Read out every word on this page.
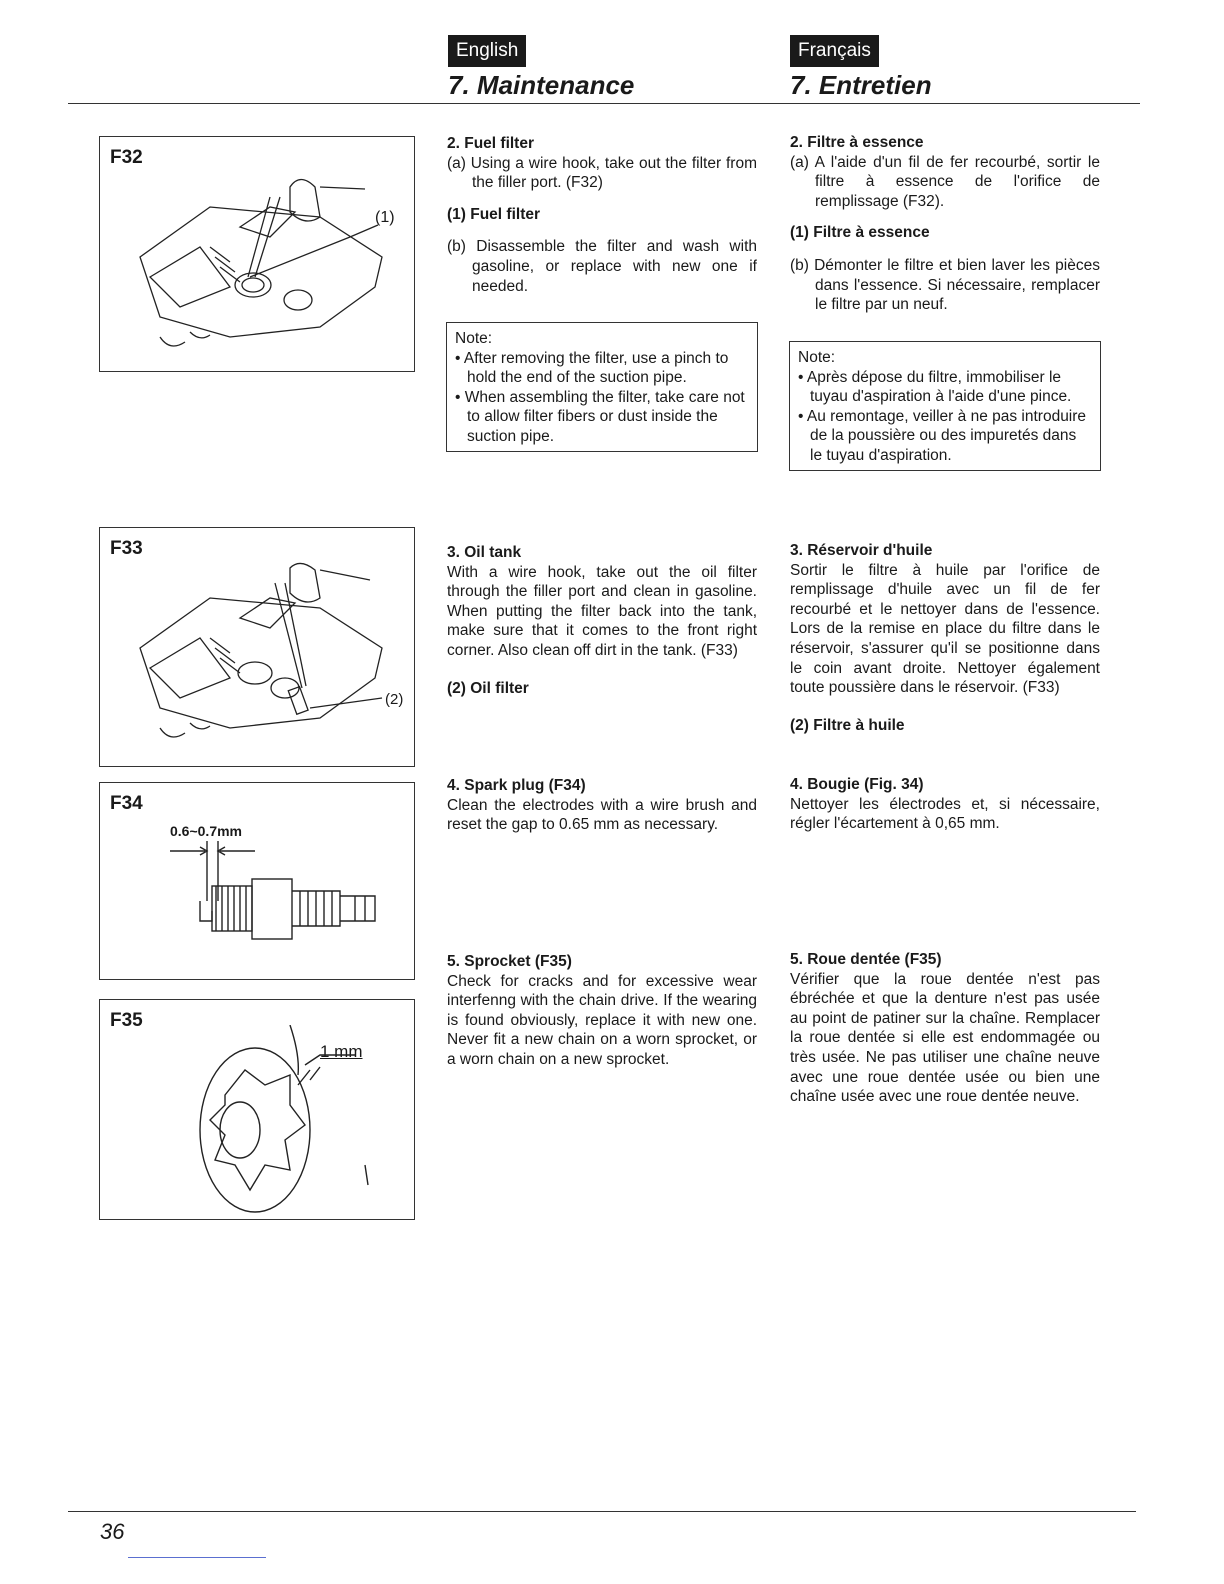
English	Français
7. Maintenance	7. Entretien
F32
(1)
F33
(2)
F34
0.6~0.7mm
F35
1 mm

2. Fuel filter

(a) Using a wire hook, take out the filter from the filler port. (F32)

(1) Fuel filter

(b) Disassemble the filter and wash with gasoline, or replace with new one if needed.

Note:

• After removing the filter, use a pinch to hold the end of the suction pipe.

• When assembling the filter, take care not to allow filter fibers or dust inside the suction pipe.

3. Oil tank

With a wire hook, take out the oil filter through the filler port and clean in gasoline. When putting the filter back into the tank, make sure that it comes to the front right corner. Also clean off dirt in the tank. (F33)

(2) Oil filter

4. Spark plug (F34)

Clean the electrodes with a wire brush and reset the gap to 0.65 mm as necessary.

5. Sprocket (F35)

Check for cracks and for excessive wear interfenng with the chain drive. If the wearing is found obviously, replace it with new one. Never fit a new chain on a worn sprocket, or a worn chain on a new sprocket.

2. Filtre à essence

(a) A l'aide d'un fil de fer recourbé, sortir le filtre à essence de l'orifice de remplissage (F32).

(1) Filtre à essence

(b) Démonter le filtre et bien laver les pièces dans l'essence. Si nécessaire, remplacer le filtre par un neuf.

Note:

• Après dépose du filtre, immobiliser le tuyau d'aspiration à l'aide d'une pince.

• Au remontage, veiller à ne pas introduire de la poussière ou des impuretés dans le tuyau d'aspiration.

3. Réservoir d'huile

Sortir le filtre à huile par l'orifice de remplissage d'huile avec un fil de fer recourbé et le nettoyer dans de l'essence. Lors de la remise en place du filtre dans le réservoir, s'assurer qu'il se positionne dans le coin avant droite. Nettoyer également toute poussière dans le réservoir. (F33)

(2) Filtre à huile

4. Bougie (Fig. 34)

Nettoyer les électrodes et, si nécessaire, régler l'écartement à 0,65 mm.

5. Roue dentée (F35)

Vérifier que la roue dentée n'est pas ébréchée et que la denture n'est pas usée au point de patiner sur la chaîne. Remplacer la roue dentée si elle est endommagée ou très usée. Ne pas utiliser une chaîne neuve avec une roue dentée usée ou bien une chaîne usée avec une roue dentée neuve.

36
